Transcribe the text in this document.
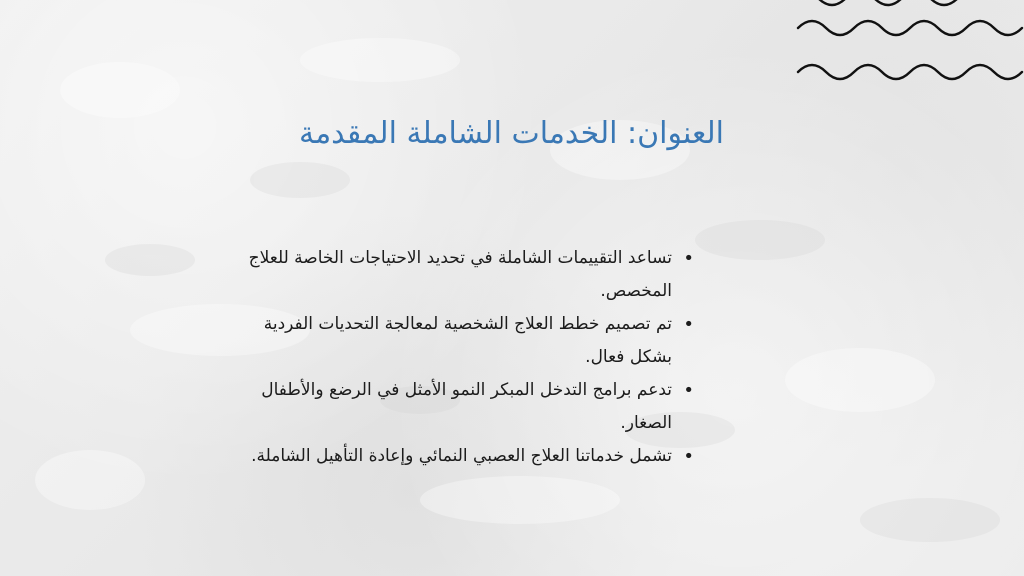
العنوان: الخدمات الشاملة المقدمة
• تساعد التقييمات الشاملة في تحديد الاحتياجات الخاصة للعلاج المخصص.
• تم تصميم خطط العلاج الشخصية لمعالجة التحديات الفردية بشكل فعال.
• تدعم برامج التدخل المبكر النمو الأمثل في الرضع والأطفال الصغار.
• تشمل خدماتنا العلاج العصبي النمائي وإعادة التأهيل الشاملة.
